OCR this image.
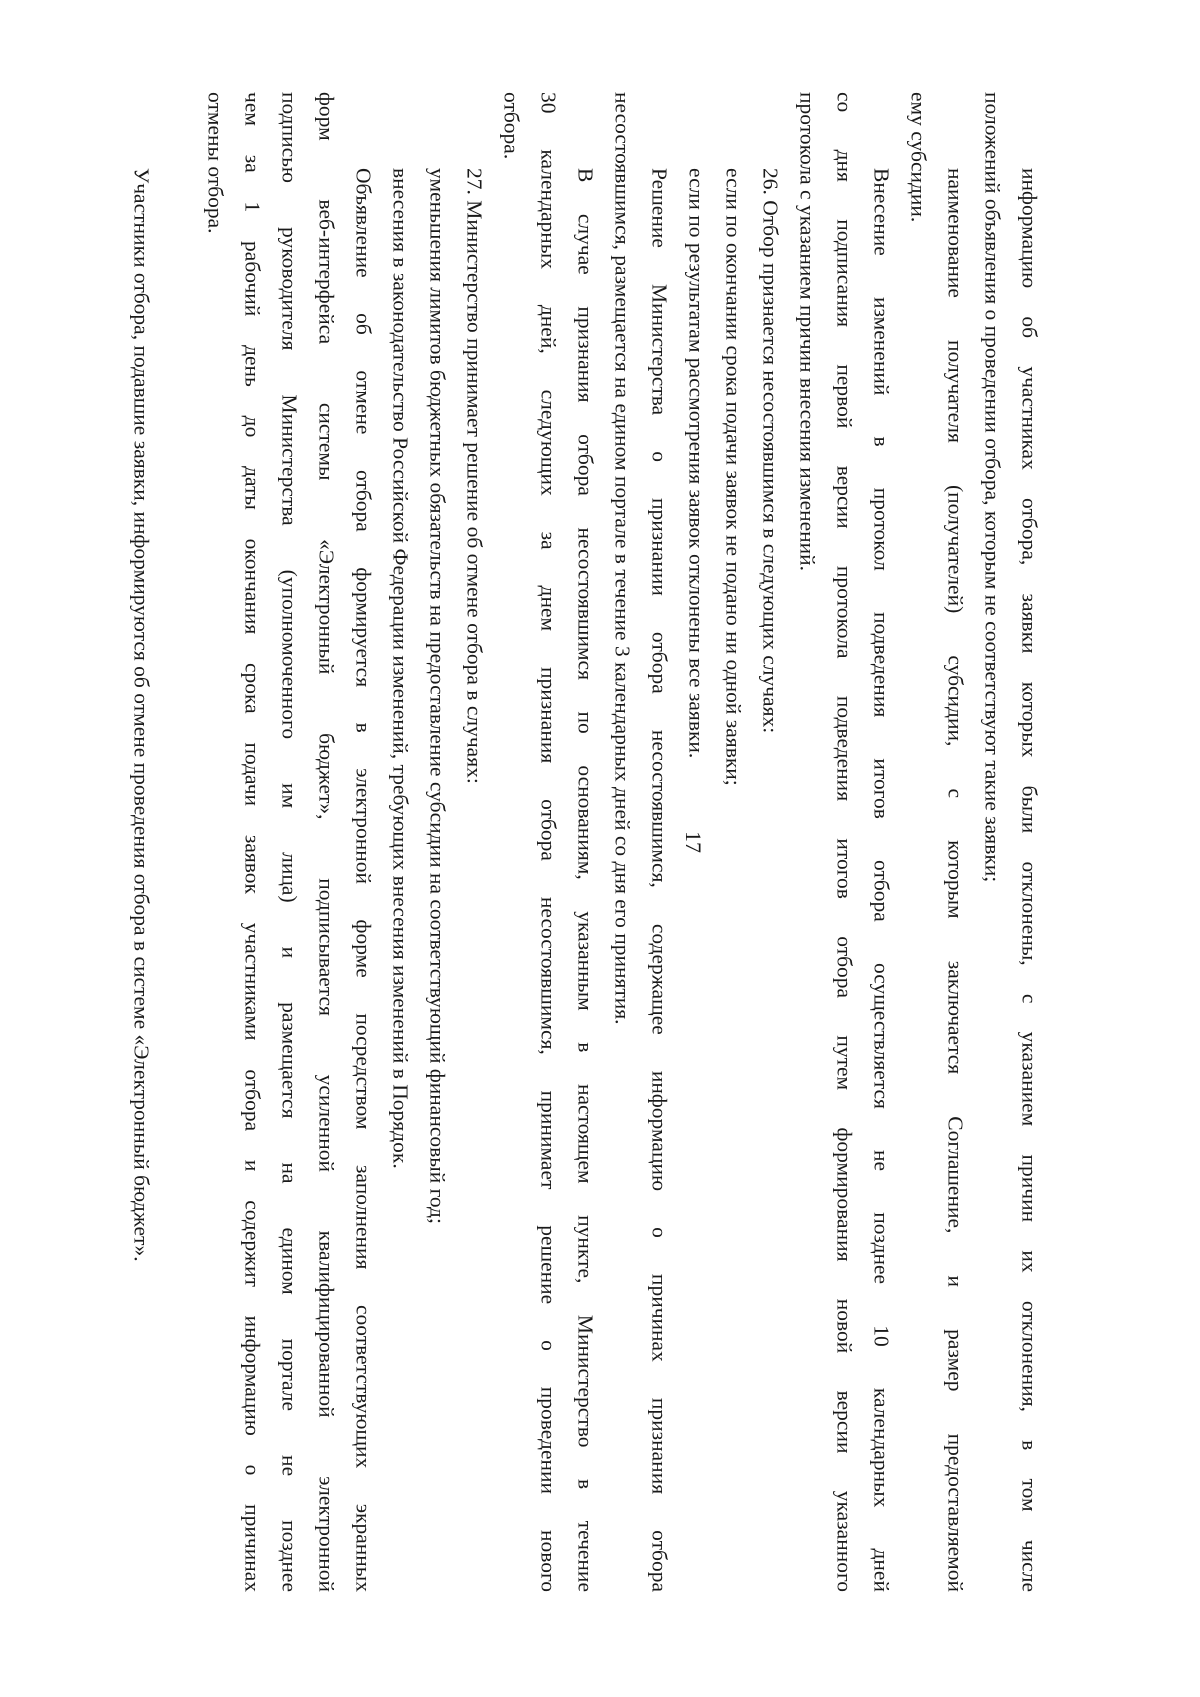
17	информацию об участниках отбора, заявки которых были отклонены, с указанием причин их отклонения, в том числе
положений объявления о проведении отбора, которым не соответствуют такие заявки;
наименование получателя (получателей) субсидии, с которым заключается Соглашение, и размер предоставляемой
ему субсидии.
Внесение изменений в протокол подведения итогов отбора осуществляется не позднее 10 календарных дней
со дня подписания первой версии протокола подведения итогов отбора путем формирования новой версии указанного
протокола с указанием причин внесения изменений.
26. Отбор признается несостоявшимся в следующих случаях:
если по окончании срока подачи заявок не подано ни одной заявки;
если по результатам рассмотрения заявок отклонены все заявки.
Решение Министерства о признании отбора несостоявшимся, содержащее информацию о причинах признания отбора
несостоявшимся, размещается на едином портале в течение 3 календарных дней со дня его принятия.
В случае признания отбора несостоявшимся по основаниям, указанным в настоящем пункте, Министерство в течение
30 календарных дней, следующих за днем признания отбора несостоявшимся, принимает решение о проведении нового
отбора.
27. Министерство принимает решение об отмене отбора в случаях:
уменьшения лимитов бюджетных обязательств на предоставление субсидии на соответствующий финансовый год;
внесения в законодательство Российской Федерации изменений, требующих внесения изменений в Порядок.
Объявление об отмене отбора формируется в электронной форме посредством заполнения соответствующих экранных
форм веб-интерфейса системы «Электронный бюджет», подписывается усиленной квалифицированной электронной
подписью руководителя Министерства (уполномоченного им лица) и размещается на едином портале не позднее
чем за 1 рабочий день до даты окончания срока подачи заявок участниками отбора и содержит информацию о причинах
отмены отбора.
Участники отбора, подавшие заявки, информируются об отмене проведения отбора в системе «Электронный бюджет».
